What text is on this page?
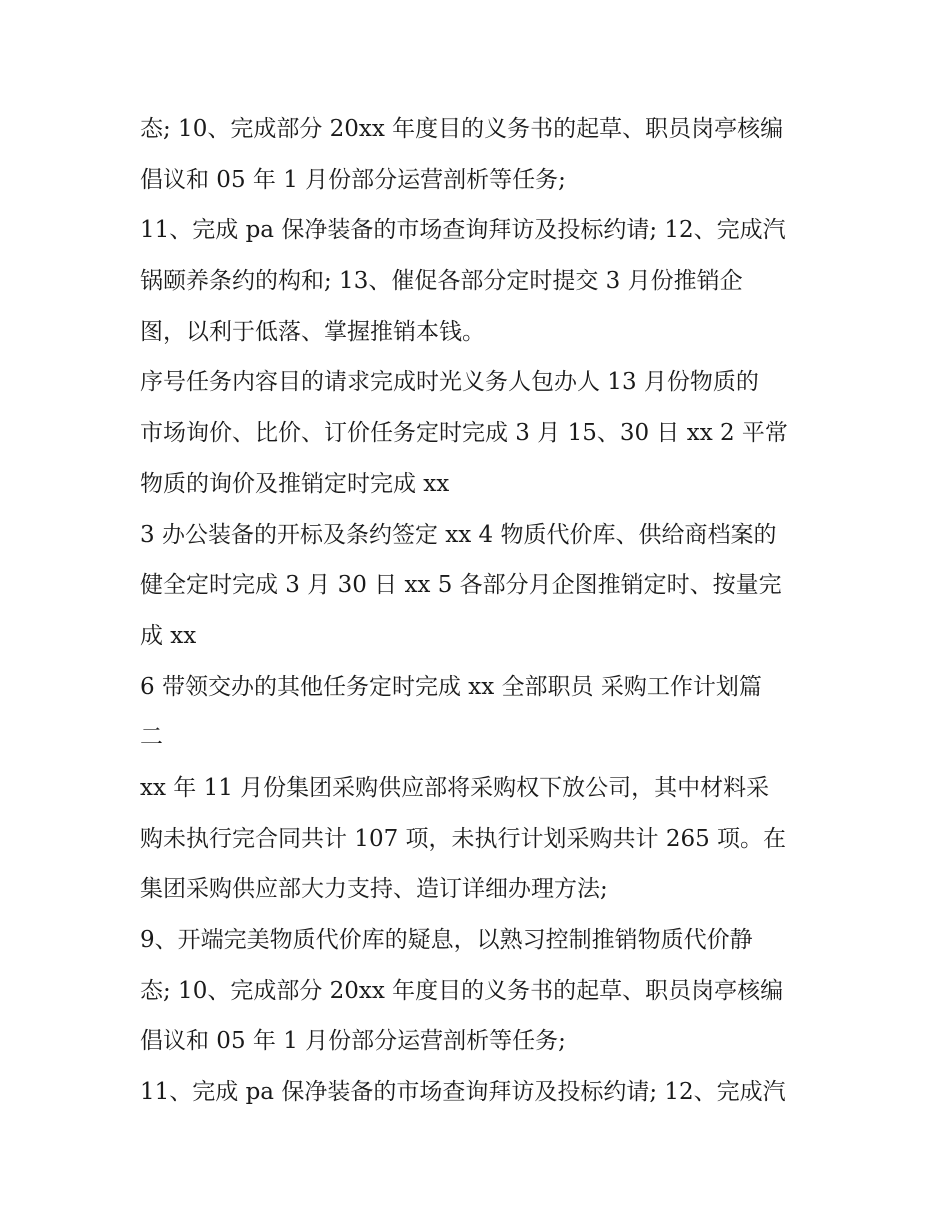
态; 10、完成部分 20xx 年度目的义务书的起草、职员岗亭核编
倡议和 05 年 1 月份部分运营剖析等任务;
11、完成 pa 保净装备的市场查询拜访及投标约请; 12、完成汽
锅颐养条约的构和; 13、催促各部分定时提交 3 月份推销企
图，以利于低落、掌握推销本钱。
序号任务内容目的请求完成时光义务人包办人 13 月份物质的
市场询价、比价、订价任务定时完成 3 月 15、30 日 xx 2 平常
物质的询价及推销定时完成 xx
3 办公装备的开标及条约签定 xx 4 物质代价库、供给商档案的
健全定时完成 3 月 30 日 xx 5 各部分月企图推销定时、按量完
成 xx
6 带领交办的其他任务定时完成 xx 全部职员 采购工作计划篇
二
xx 年 11 月份集团采购供应部将采购权下放公司，其中材料采
购未执行完合同共计 107 项，未执行计划采购共计 265 项。在
集团采购供应部大力支持、造订详细办理方法;
9、开端完美物质代价库的疑息，以熟习控制推销物质代价静
态; 10、完成部分 20xx 年度目的义务书的起草、职员岗亭核编
倡议和 05 年 1 月份部分运营剖析等任务;
11、完成 pa 保净装备的市场查询拜访及投标约请; 12、完成汽
